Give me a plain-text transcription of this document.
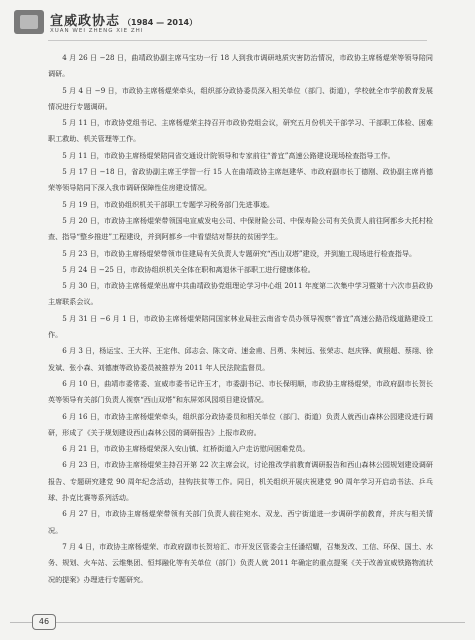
宣威政协志 （1984 — 2014）
XUAN WEI ZHENG XIE ZHI

4 月 26 日 −28 日，曲靖政协副主席马宝功一行 18 人到我市调研地质灾害防治情况，市政协主席杨焜荣等领导陪同调研。

5 月 4 日 −9 日，市政协主席杨焜荣牵头，组织部分政协委员深入相关单位（部门、街道），学校就全市学前教育发展情况进行专题调研。

5 月 11 日，市政协党组书记、主席杨焜荣主持召开市政协党组会议，研究五月份机关干部学习、干部职工体检、困难职工救助、机关管理等工作。

5 月 11 日，市政协主席杨焜荣陪同省交通设计院领导和专家前往“普宜”高速公路建设现场检查指导工作。

5 月 17 日 −18 日，省政协副主席王学智一行 15 人在曲靖政协主席赵建华、市政府副市长丁德刚、政协副主席肖德荣等领导陪同下深入我市调研保障性住房建设情况。

5 月 19 日，市政协组织机关干部职工专题学习税务部门先进事迹。

5 月 20 日，市政协主席杨焜荣带领国电宣威发电公司、中保财险公司、中保寿险公司有关负责人前往阿都乡大托村检查、指导“整乡推进”工程建设，并到阿都乡一中看望结对帮扶的贫困学生。

5 月 23 日，市政协主席杨焜荣带领市住建局有关负责人专题研究“西山双塔”建设，并到施工现场进行检查指导。

5 月 24 日 −25 日，市政协组织机关全体在职和离退休干部职工进行健康体检。

5 月 30 日，市政协主席杨焜荣出席中共曲靖政协党组理论学习中心组 2011 年度第二次集中学习暨第十六次市县政协主席联系会议。

5 月 31 日 −6 月 1 日，市政协主席杨焜荣陪同国家林业局驻云南省专员办领导视察“普宜”高速公路沿线道路建设工作。

6 月 3 日，杨运宝、王大祥、王定伟、邱志会、陈文奇、速金甫、吕勇、朱树远、张荣志、赵庆锋、黄照超、蔡翊、徐发斌、张小森、刘德康等政协委员被推荐为 2011 年人民法院监督员。

6 月 10 日，曲靖市委常委、宣威市委书记许玉才，市委副书记、市长保明顺，市政协主席杨焜荣，市政府副市长贺长英等领导有关部门负责人视察“西山双塔”和东屏郊风园项目建设情况。

6 月 16 日，市政协主席杨焜荣牵头，组织部分政协委员和相关单位（部门、街道）负责人就西山森林公园建设进行调研，形成了《关于规划建设西山森林公园的调研报告》上报市政府。

6 月 21 日，市政协主席杨焜荣深入安山镇、红桥街道入户走访慰问困难党员。

6 月 23 日，市政协主席杨焜荣主持召开第 22 次主席会议，讨论推改学前教育调研报告和西山森林公园规划建设调研报告、专题研究建党 90 周年纪念活动，挂钩扶贫等工作。同日，机关组织开展庆祝建党 90 周年学习开启动书法、乒乓球、扑克比赛等系列活动。

6 月 27 日，市政协主席杨焜荣带领有关部门负责人前往宛水、双龙、西宁街道进一步调研学前教育，并庆与相关情况。

7 月 4 日，市政协主席杨焜荣、市政府副市长贺培汇、市开发区管委会主任潘绍耀，召集发改、工信、环保、国土、水务、规划、火车站、云维集团、恒邦融化等有关单位（部门）负责人就 2011 年确定的重点提案《关于改善宣威铁路物流状况的提案》办理进行专题研究。

46
